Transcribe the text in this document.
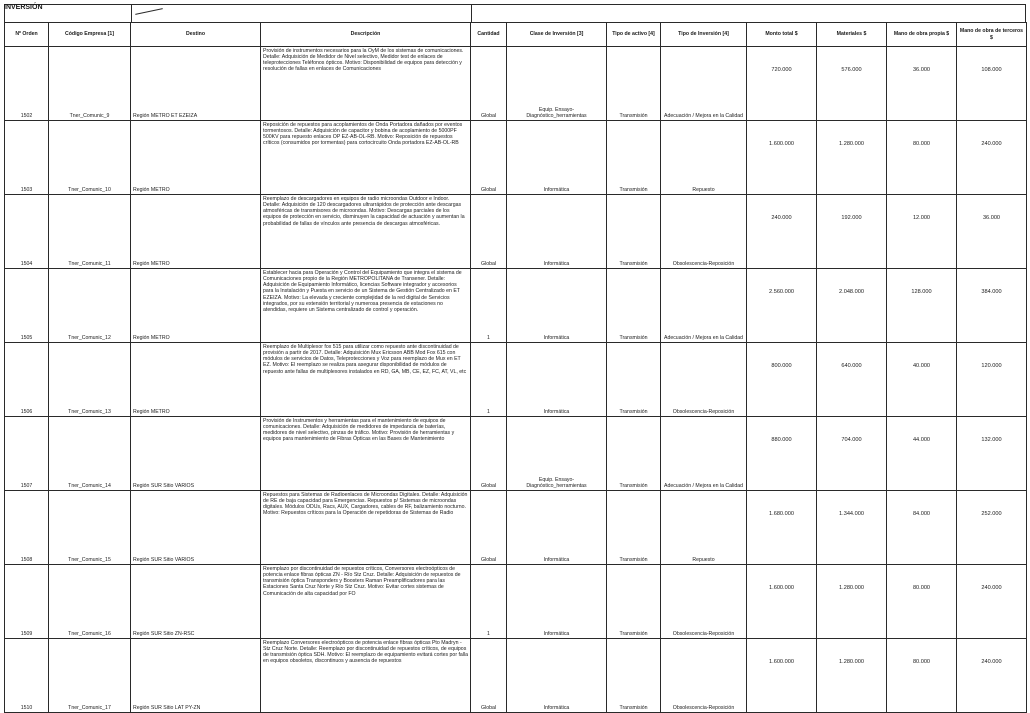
INVERSIÓN
Nº Orden	Código Empresa [1]	Destino	Descripción	Cantidad	Clase de Inversión [3]	Tipo de activo [4]	Tipo de Inversión [4]	Monto total $	Materiales $	Mano de obra propia $	Mano de obra de terceros $
1502	Tner_Comunic_9	Región METRO ET EZEIZA	Provisión de instrumentos necesarios para la OyM de los sistemas de comunicaciones. Detalle: Adquisición de Medidor de Nivel selectivo, Medidor test de enlaces de teleprotecciones Teléfonos ópticos. Motivo: Disponibilidad de equipos para detección y resolución de fallas en enlaces de Comunicaciones	Global	Equip. Ensayo-Diagnóstico_herramientas	Transmisión	Adecuación / Mejora en la Calidad	720.000	576.000	36.000	108.000
1503	Tner_Comunic_10	Región METRO	Reposición de repuestos para acoplamientos de Onda Portadora dañados por eventos tormentosos. Detalle: Adquisición de capacitor y bobina de acoplamiento de 5000PF 500KV para repuesto enlaces OP EZ-AB-OL-RB. Motivo: Reposición de repuestos críticos (consumidos por tormentas) para cortocircuito Onda portadora EZ-AB-OL-RB	Global	Informática	Transmisión	Repuesto	1.600.000	1.280.000	80.000	240.000
1504	Tner_Comunic_11	Región METRO	Reemplazo de descargadores en equipos de radio microondas Outdoor e Indoor. Detalle: Adquisición de 120 descargadores ultrarrápidos de protección ante descargas atmosféricas de transmisores de microondas. Motivo: Descargas parciales de los equipos de protección en servicio, disminuyen la capacidad de actuación y aumentan la probabilidad de fallas de vínculos ante presencia de descargas atmosféricas.	Global	Informática	Transmisión	Obsolescencia-Reposición	240.000	192.000	12.000	36.000
1505	Tner_Comunic_12	Región METRO	Establecer hacia para Operación y Control del Equipamiento que integra el sistema de Comunicaciones propio de la Región METROPOLITANA de Transener. Detalle: Adquisición de Equipamiento Informático, licencias Software integrador y accesorios para la Instalación y Puesta en servicio de un Sistema de Gestión Centralizado en ET EZEIZA. Motivo: La elevada y creciente complejidad de la red digital de Servicios integrados, por su extensión territorial y numerosa presencia de estaciones no atendidas, requiere un Sistema centralizado de control y operación.	1	Informática	Transmisión	Adecuación / Mejora en la Calidad	2.560.000	2.048.000	128.000	384.000
1506	Tner_Comunic_13	Región METRO	Reemplazo de Multiplexor fox 515 para utilizar como repuesto ante discontinuidad de provisión a partir de 2017. Detalle: Adquisición Mux Ericsson ABB Mod Fox 615 con módulos de servicios de Datos, Teleprotecciones y Voz para reemplazo de Mux en ET EZ. Motivo: El reemplazo se realiza para asegurar disponibilidad de módulos de repuesto ante fallas de multiplexores instalados en RD, GA, MB, CE, EZ, FC, AT, VL, etc	1	Informática	Transmisión	Obsolescencia-Reposición	800.000	640.000	40.000	120.000
1507	Tner_Comunic_14	Región SUR Sitio VARIOS	Provisión de Instrumentos y herramientas para el mantenimiento de equipos de comunicaciones. Detalle: Adquisición de medidores de impedancia de baterías, medidores de nivel selectivo, pinzas de tráfico. Motivo: Provisión de herramientas y equipos para mantenimiento de Fibras Ópticas en las Bases de Mantenimiento	Global	Equip. Ensayo-Diagnóstico_herramientas	Transmisión	Adecuación / Mejora en la Calidad	880.000	704.000	44.000	132.000
1508	Tner_Comunic_15	Región SUR Sitio VARIOS	Repuestos para Sistemas de Radioenlaces de Microondas Digitales. Detalle: Adquisición de RE de baja capacidad para Emergencias. Repuestos p/ Sistemas de microondas digitales. Módulos ODUs, Racs, AUX, Cargadores, cables de RF, balizamiento nocturno. Motivo: Repuestos críticos para la Operación de repetidoras de Sistemas de Radio	Global	Informática	Transmisión	Repuesto	1.680.000	1.344.000	84.000	252.000
1509	Tner_Comunic_16	Región SUR Sitio ZN-RSC	Reemplazo por discontinuidad de repuestos críticos, Conversores electroópticos de potencia enlace fibras ópticas ZN - Río Stz Cruz. Detalle: Adquisición de repuestos de transmisión óptica Transponders y Boosters Raman Preamplificadores para las Estaciones Santa Cruz Norte y Río Stz Cruz. Motivo: Evitar cortes sistemas de Comunicación de alta capacidad por FO	1	Informática	Transmisión	Obsolescencia-Reposición	1.600.000	1.280.000	80.000	240.000
1510	Tner_Comunic_17	Región SUR Sitio LAT PY-ZN	Reemplazo Conversores electroópticos de potencia enlace fibras ópticas Pto Madryn - Stz Cruz Norte. Detalle: Reemplazo por discontinuidad de repuestos críticos, de equipos de transmisión óptica SDH. Motivo: El reemplazo de equipamiento evitará cortes por falla en equipos obsoletos, discontinuos y ausencia de repuestos	Global	Informática	Transmisión	Obsolescencia-Reposición	1.600.000	1.280.000	80.000	240.000
